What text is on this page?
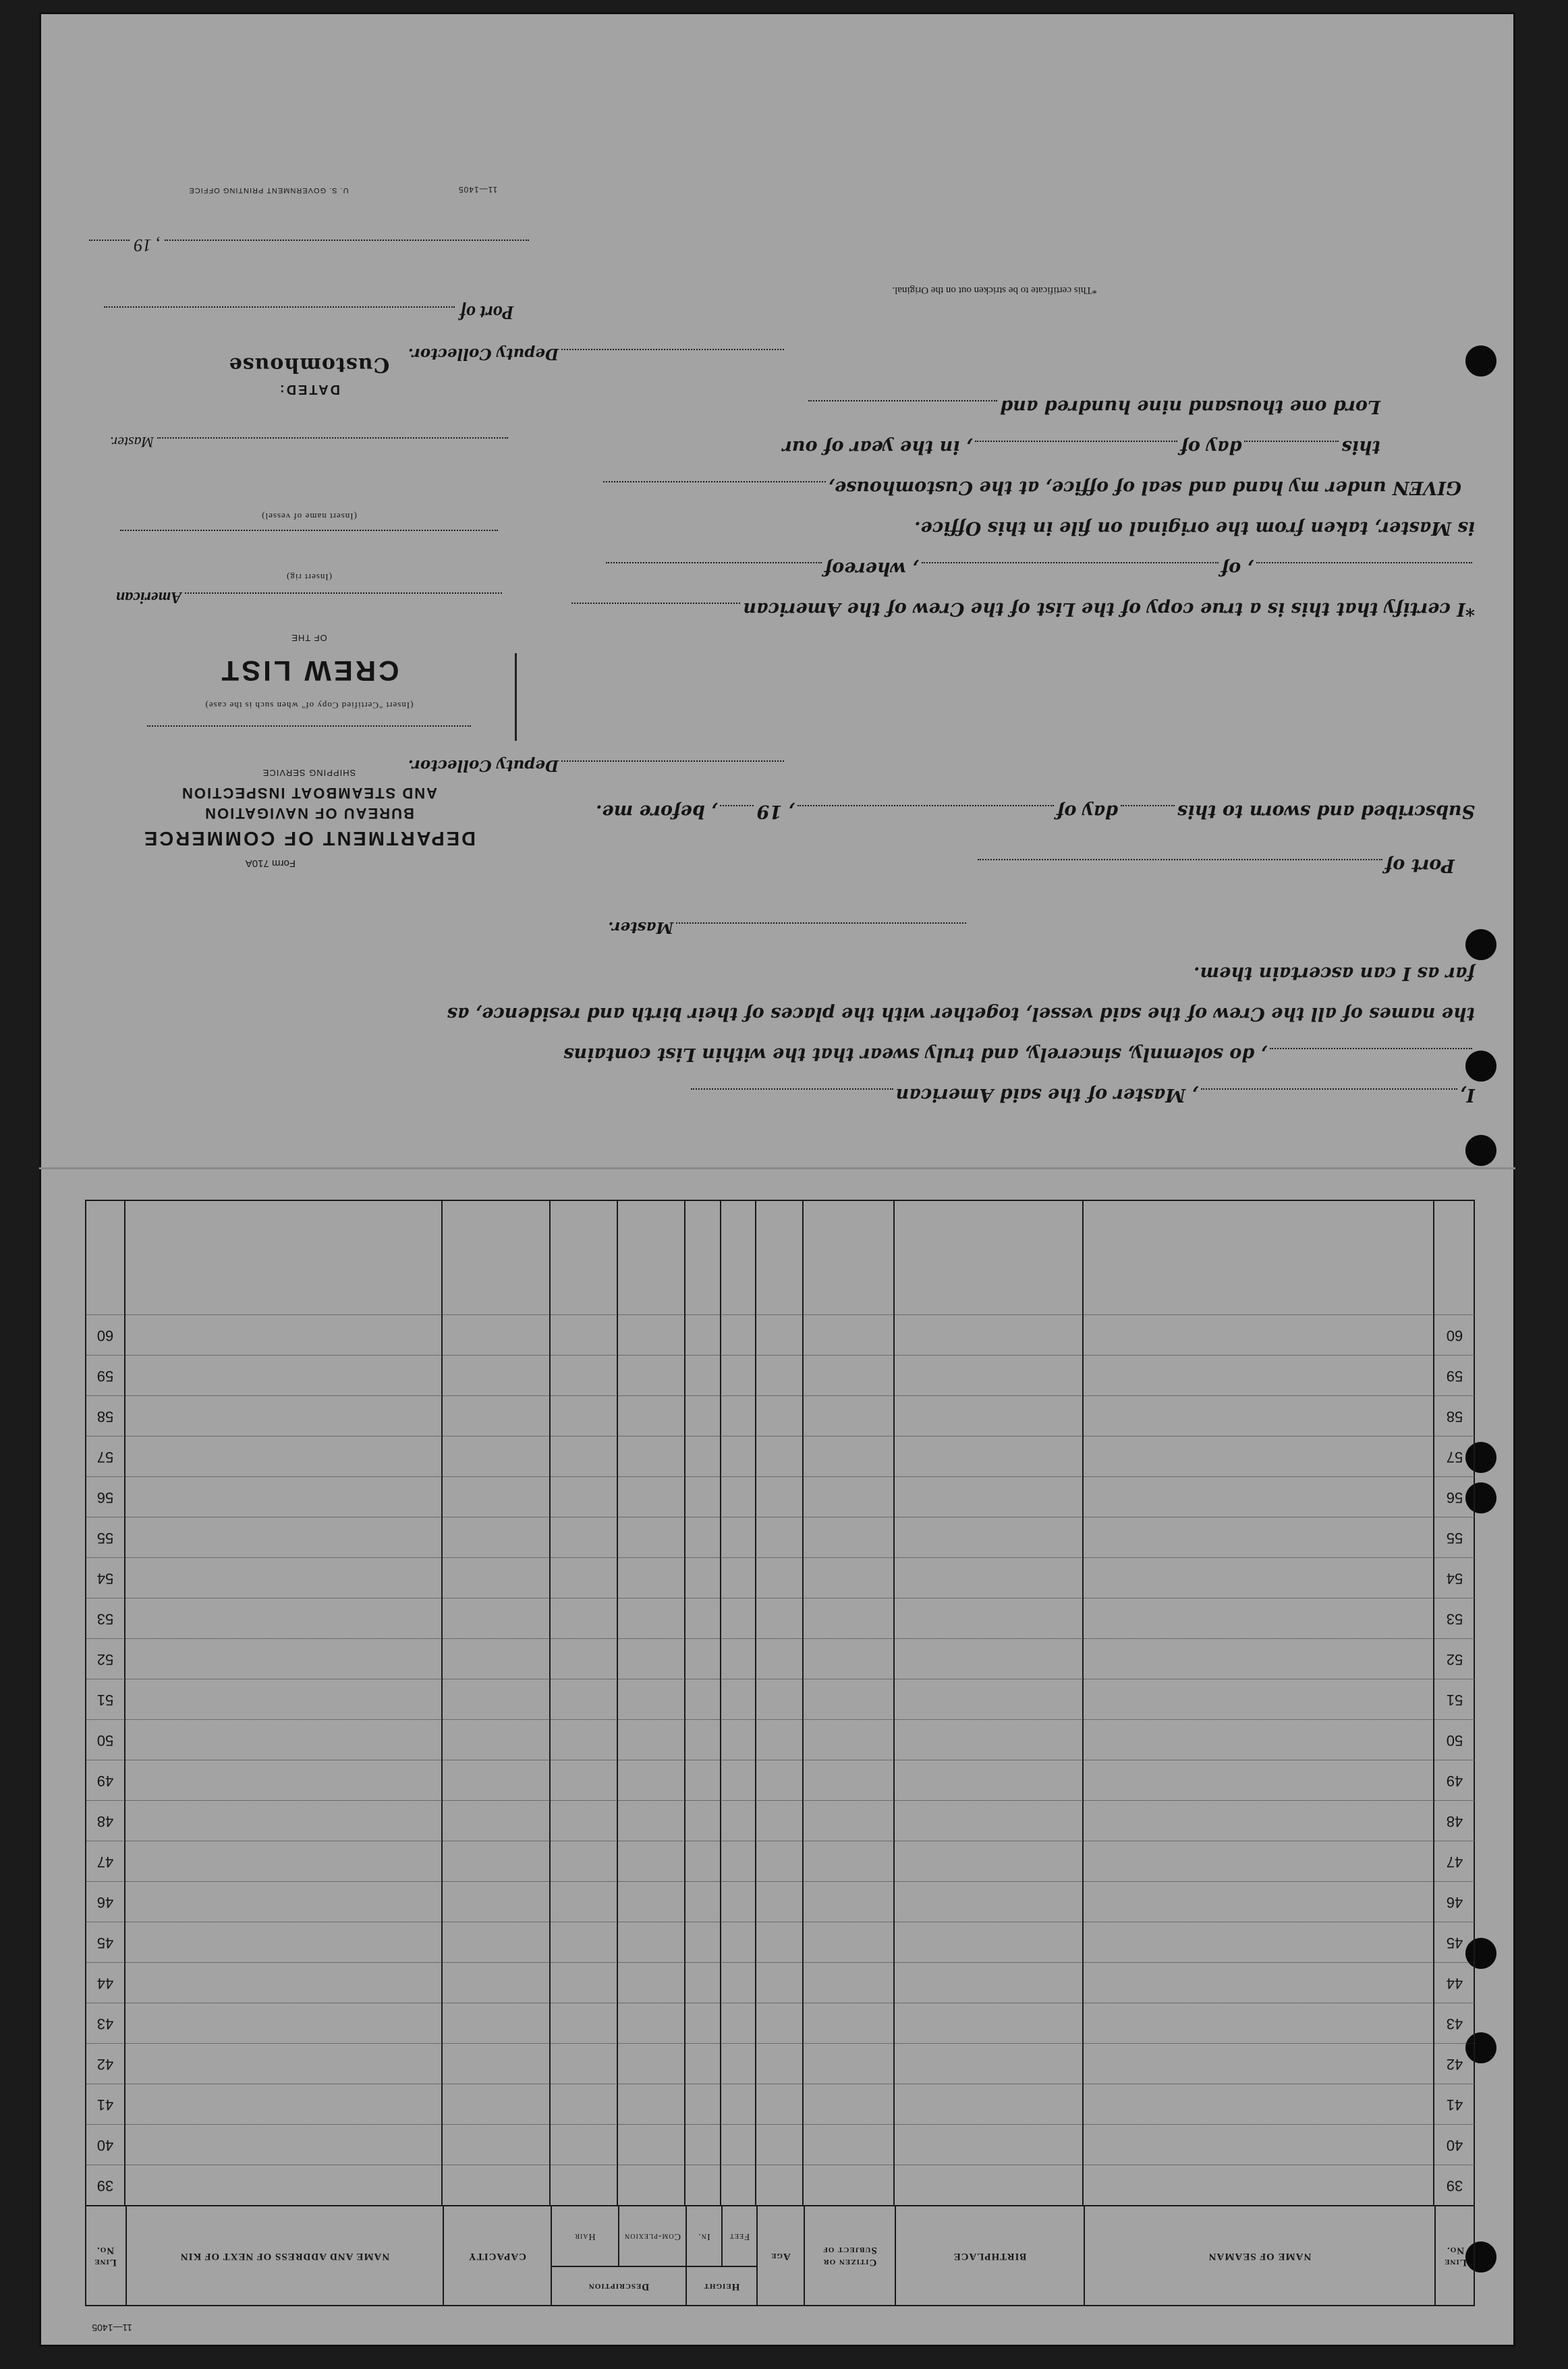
11—1405
Line No.
NAME OF SEAMAN
BIRTHPLACE
Citizen or Subject of
Age
Height
Feet
In.
Description
Com-plexion
Hair
CAPACITY
NAME AND ADDRESS OF NEXT OF KIN
Line No.
39
39
40
40
41
41
42
42
43
43
44
44
45
45
46
46
47
47
48
48
49
49
50
50
51
51
52
52
53
53
54
54
55
55
56
56
57
57
58
58
59
59
60
60
I,
, Master of the said American
, do solemnly, sincerely, and truly swear that the within List contains
the names of all the Crew of the said vessel, together with the places of their birth and residence, as
far as I can ascertain them.
Master.
Port of
Subscribed and sworn to this
day of
, 19
, before me.
Deputy Collector.
*I certify that this is a true copy of the List of the Crew of the American
, of
, whereof
is Master, taken from the original on file in this Office.
GIVEN under my hand and seal of office, at the Customhouse,
this
day of
, in the year of our
Lord one thousand nine hundred and
Deputy Collector.
*This certificate to be stricken out on the Original.
Form 710A
DEPARTMENT OF COMMERCE
BUREAU OF NAVIGATION
AND STEAMBOAT INSPECTION
SHIPPING SERVICE
(Insert "Certified Copy of" when such is the case)
CREW LIST
OF THE
American
(Insert rig)
(Insert name of vessel)
Master.
DATED:
Customhouse
Port of
, 19
U. S. GOVERNMENT PRINTING OFFICE	11—1405
